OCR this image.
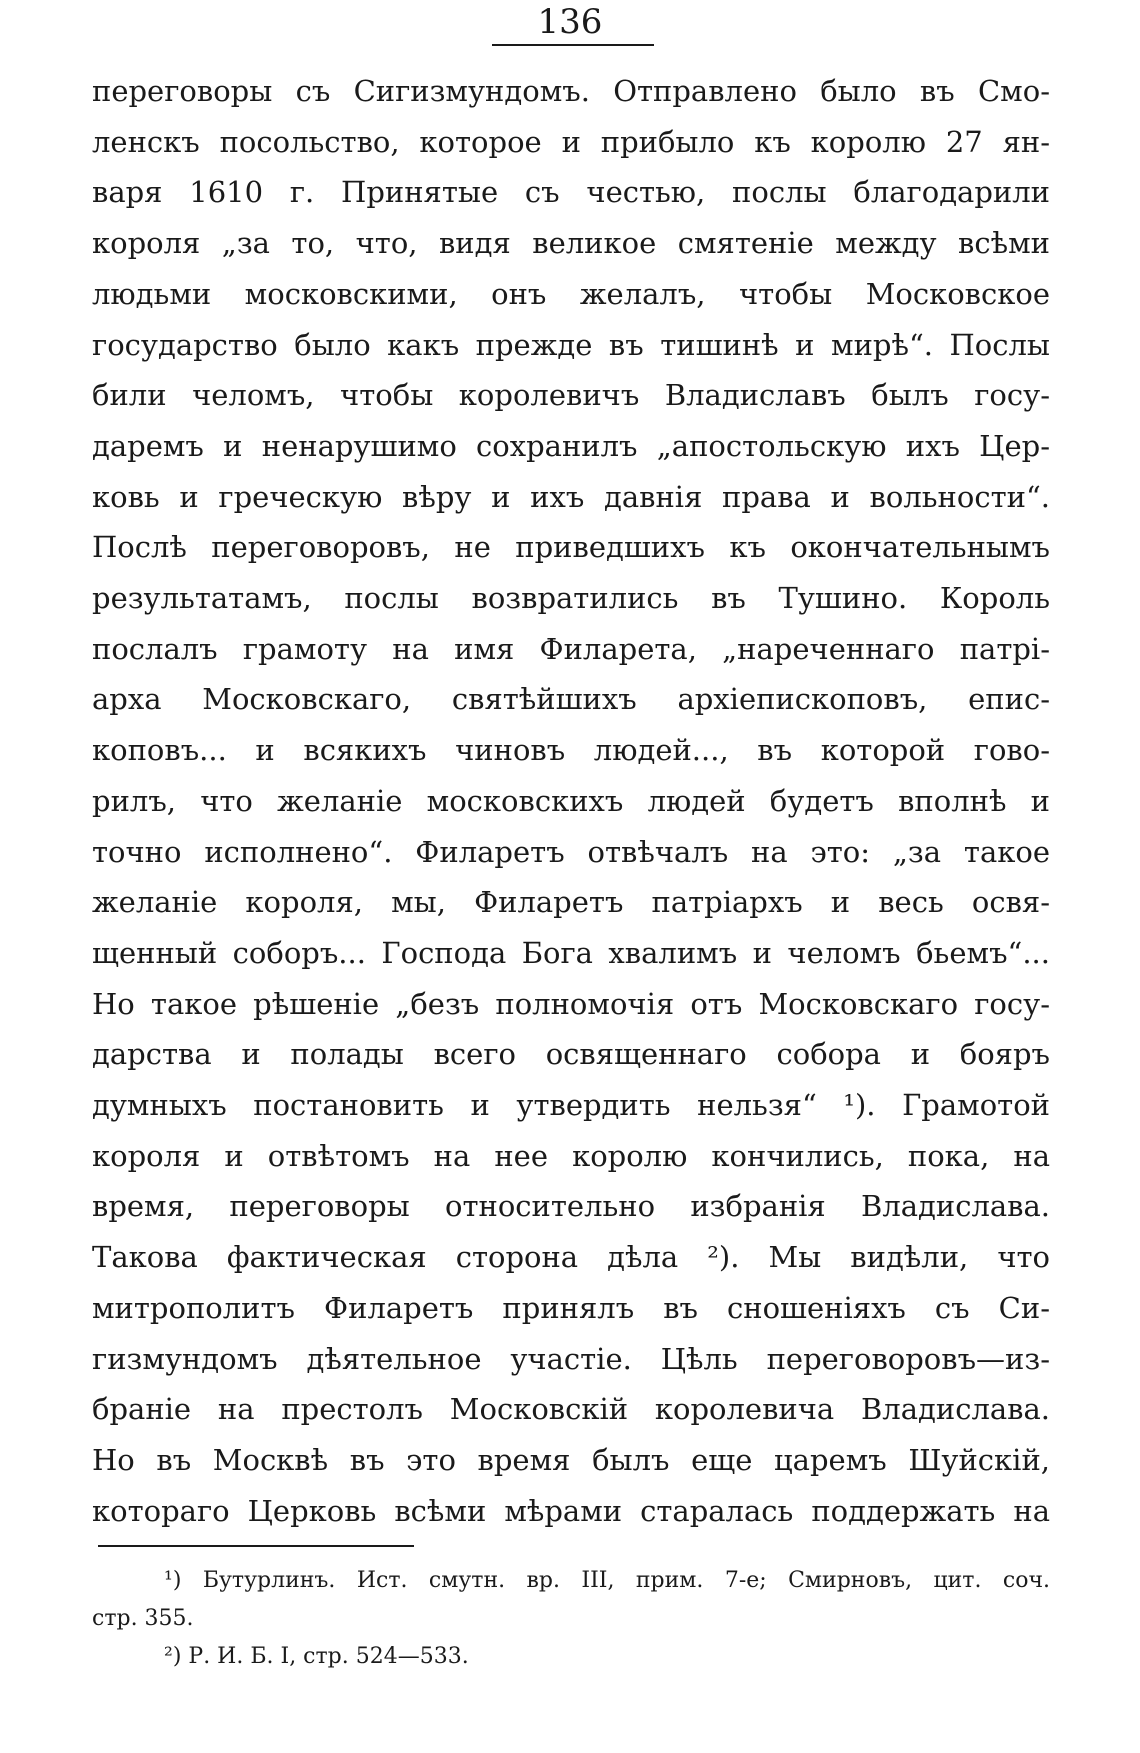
136
переговоры съ Сигизмундомъ. Отправлено было въ Смо-
ленскъ посольство, которое и прибыло къ королю 27 ян-
варя 1610 г. Принятые съ честью, послы благодарили
короля „за то, что, видя великое смятеніе между всѣми
людьми московскими, онъ желалъ, чтобы Московское
государство было какъ прежде въ тишинѣ и мирѣ“. Послы
били челомъ, чтобы королевичъ Владиславъ былъ госу-
даремъ и ненарушимо сохранилъ „апостольскую ихъ Цер-
ковь и греческую вѣру и ихъ давнія права и вольности“.
Послѣ переговоровъ, не приведшихъ къ окончательнымъ
результатамъ, послы возвратились въ Тушино. Король
послалъ грамоту на имя Филарета, „нареченнаго патрі-
арха Московскаго, святѣйшихъ архіепископовъ, епис-
коповъ... и всякихъ чиновъ людей..., въ которой гово-
рилъ, что желаніе московскихъ людей будетъ вполнѣ и
точно исполнено“. Филаретъ отвѣчалъ на это: „за такое
желаніе короля, мы, Филаретъ патріархъ и весь освя-
щенный соборъ... Господа Бога хвалимъ и челомъ бьемъ“...
Но такое рѣшеніе „безъ полномочія отъ Московскаго госу-
дарства и полады всего освященнаго собора и бояръ
думныхъ постановить и утвердить нельзя“ ¹). Грамотой
короля и отвѣтомъ на нее королю кончились, пока, на
время, переговоры относительно избранія Владислава.
Такова фактическая сторона дѣла ²). Мы видѣли, что
митрополитъ Филаретъ принялъ въ сношеніяхъ съ Си-
гизмундомъ дѣятельное участіе. Цѣль переговоровъ—из-
браніе на престолъ Московскій королевича Владислава.
Но въ Москвѣ въ это время былъ еще царемъ Шуйскій,
котораго Церковь всѣми мѣрами старалась поддержать на
¹) Бутурлинъ. Ист. смутн. вр. III, прим. 7-е; Смирновъ, цит. соч.
стр. 355.
²) Р. И. Б. I, стр. 524—533.
